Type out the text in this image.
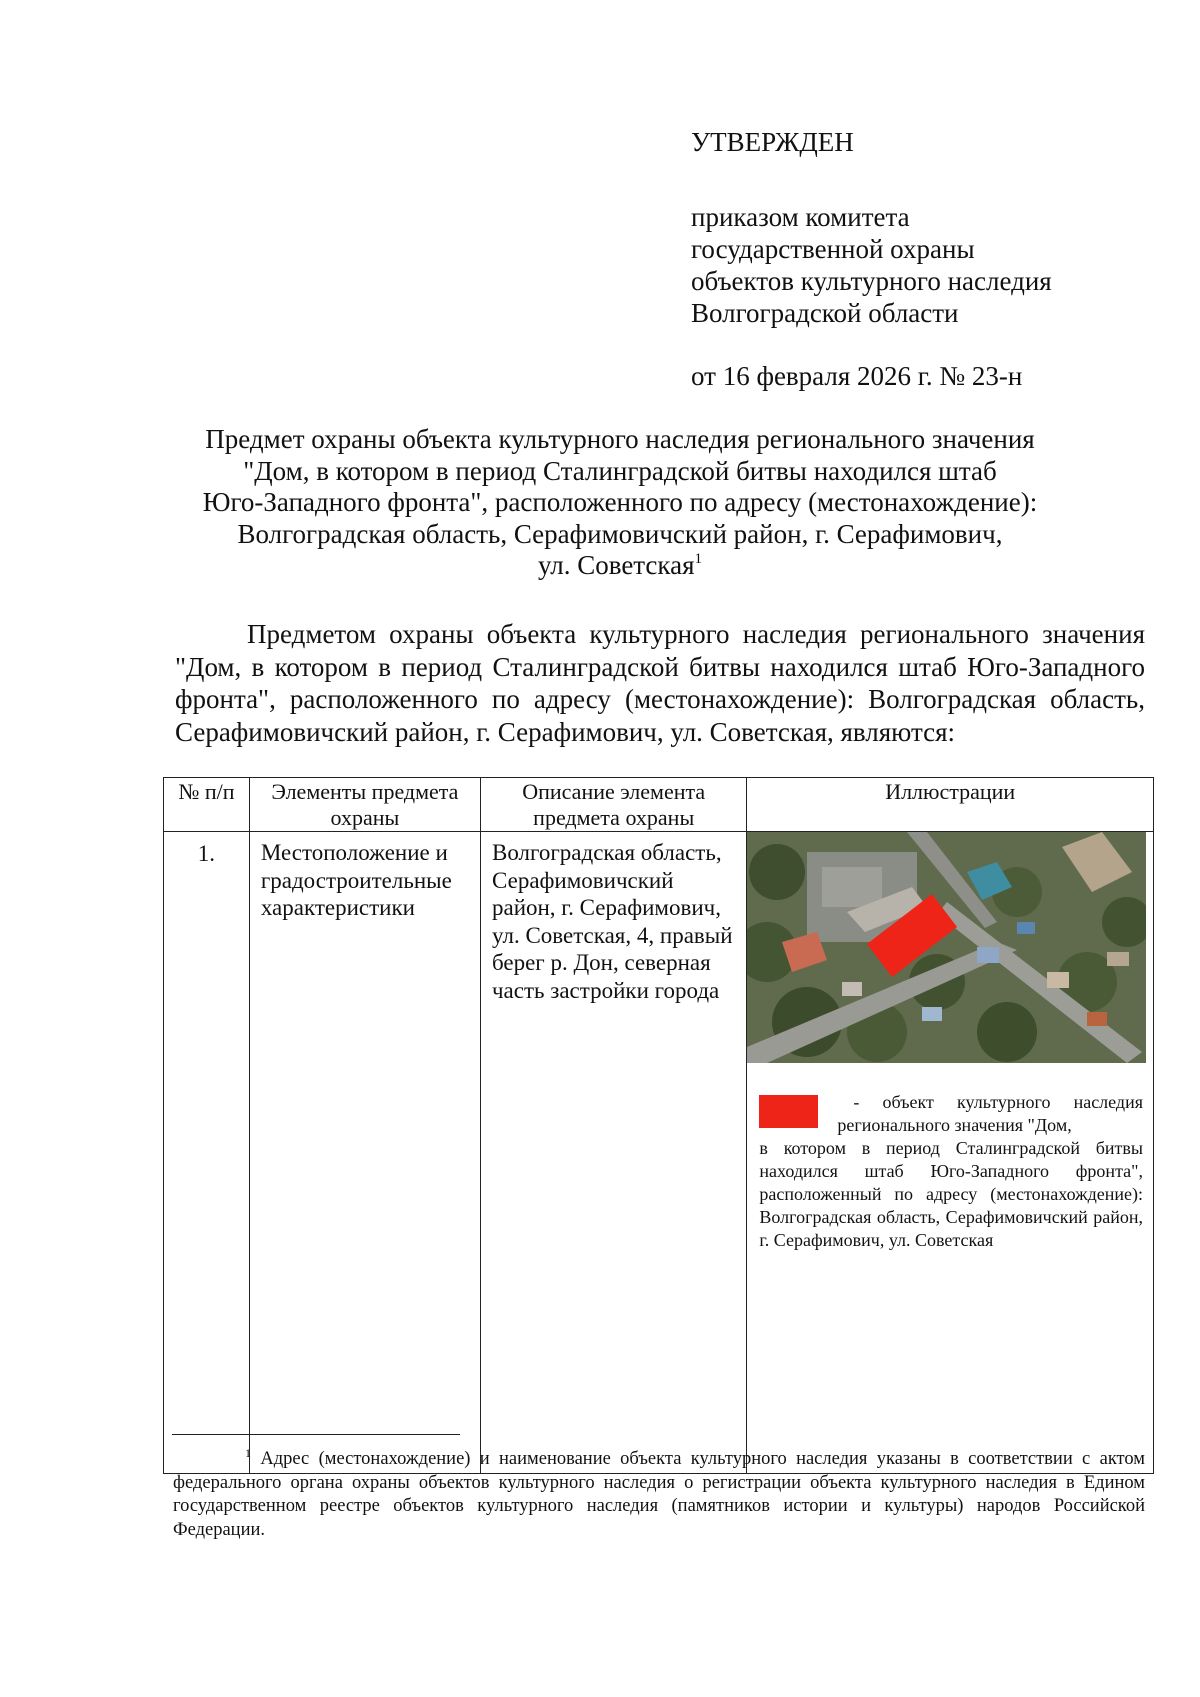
УТВЕРЖДЕН
приказом комитета
государственной охраны
объектов культурного наследия
Волгоградской области
от 16 февраля 2026 г. № 23-н
Предмет охраны объекта культурного наследия регионального значения
"Дом, в котором в период Сталинградской битвы находился штаб
Юго-Западного фронта", расположенного по адресу (местонахождение):
Волгоградская область, Серафимовичский район, г. Серафимович,
ул. Советская$^1$
Предметом охраны объекта культурного наследия регионального значения "Дом, в котором в период Сталинградской битвы находился штаб Юго-Западного фронта", расположенного по адресу (местонахождение): Волгоградская область, Серафимовичский район, г. Серафимович, ул. Советская, являются:
№ п/п	Элементы предмета охраны	Описание элемента предмета охраны	Иллюстрации
1.	Местоположение и градостроительные характеристики	Волгоградская область, Серафимовичский район, г. Серафимович, ул. Советская, 4, правый берег р. Дон, северная часть застройки города	- объект культурного наследия регионального значения "Дом,
в котором в период Сталинградской битвы находился штаб Юго-Западного фронта", расположенный по адресу (местонахождение): Волгоградская область, Серафимовичский район, г. Серафимович, ул. Советская
$^1$ Адрес (местонахождение) и наименование объекта культурного наследия указаны в соответствии с актом федерального органа охраны объектов культурного наследия о регистрации объекта культурного наследия в Едином государственном реестре объектов культурного наследия (памятников истории и культуры) народов Российской Федерации.
